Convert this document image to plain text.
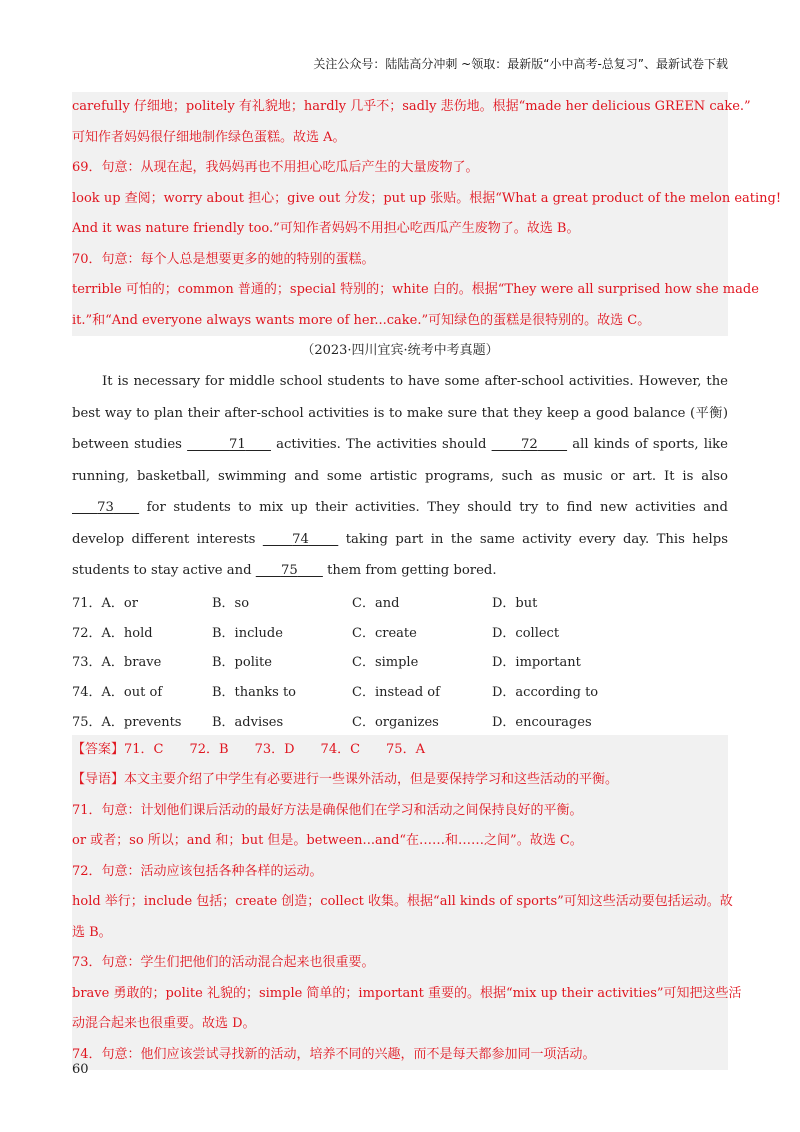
关注公众号：陆陆高分冲刺 ~领取：最新版“小中高考-总复习”、最新试卷下载
carefully 仔细地；politely 有礼貌地；hardly 几乎不；sadly 悲伤地。根据“made her delicious GREEN cake.”
可知作者妈妈很仔细地制作绿色蛋糕。故选 A。
69．句意：从现在起，我妈妈再也不用担心吃瓜后产生的大量废物了。
look up 查阅；worry about 担心；give out 分发；put up 张贴。根据“What a great product of the melon eating!
And it was nature friendly too.”可知作者妈妈不用担心吃西瓜产生废物了。故选 B。
70．句意：每个人总是想要更多的她的特别的蛋糕。
terrible 可怕的；common 普通的；special 特别的；white 白的。根据“They were all surprised how she made
it.”和“And everyone always wants more of her...cake.”可知绿色的蛋糕是很特别的。故选 C。
（2023·四川宜宾·统考中考真题）
It is necessary for middle school students to have some after-school activities. However, the best way to plan their after-school activities is to make sure that they keep a good balance (平衡) between studies	71 activities. The activities should	72	all kinds of sports, like running, basketball, swimming and some artistic programs, such as music or art. It is also       73 for students to mix up their activities. They should try to find new activities and develop different interests	74	taking part in the same activity every day. This helps students to stay active and 75 them from getting bored.
71．A．or	B．so	C．and	D．but
72．A．hold	B．include	C．create	D．collect
73．A．brave	B．polite	C．simple	D．important
74．A．out of	B．thanks to	C．instead of	D．according to
75．A．prevents	B．advises	C．organizes	D．encourages
【答案】71．C　　72．B　　73．D　　74．C　　75．A
【导语】本文主要介绍了中学生有必要进行一些课外活动，但是要保持学习和这些活动的平衡。
71．句意：计划他们课后活动的最好方法是确保他们在学习和活动之间保持良好的平衡。
or 或者；so 所以；and 和；but 但是。between...and“在……和……之间”。故选 C。
72．句意：活动应该包括各种各样的运动。
hold 举行；include 包括；create 创造；collect 收集。根据“all kinds of sports”可知这些活动要包括运动。故
选 B。
73．句意：学生们把他们的活动混合起来也很重要。
brave 勇敢的；polite 礼貌的；simple 简单的；important 重要的。根据“mix up their activities”可知把这些活
动混合起来也很重要。故选 D。
74．句意：他们应该尝试寻找新的活动，培养不同的兴趣，而不是每天都参加同一项活动。
60
